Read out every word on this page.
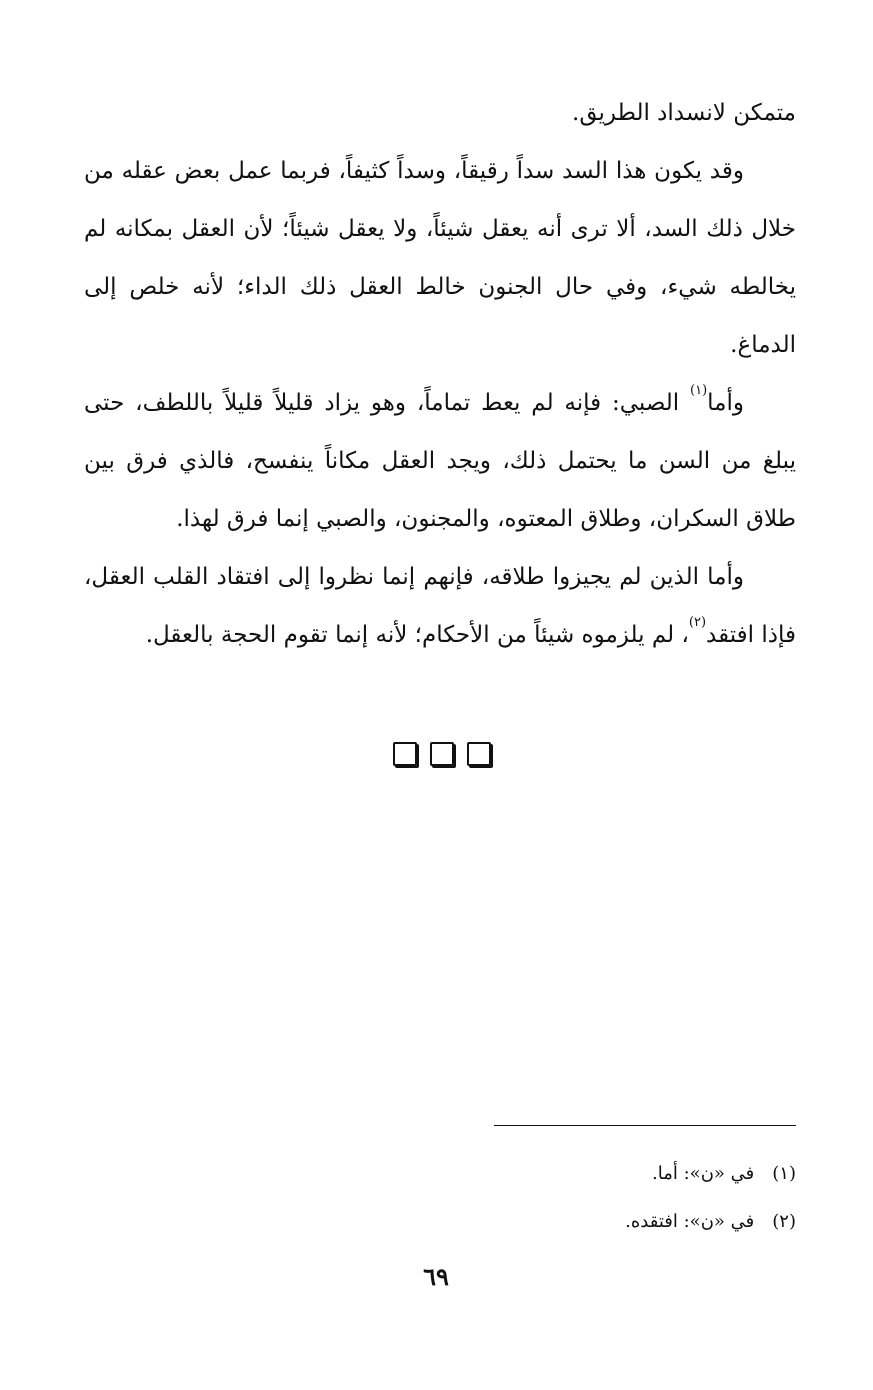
متمكن لانسداد الطريق.

وقد يكون هذا السد سداً رقيقاً، وسداً كثيفاً، فربما عمل بعض عقله من خلال ذلك السد، ألا ترى أنه يعقل شيئاً، ولا يعقل شيئاً؛ لأن العقل بمكانه لم يخالطه شيء، وفي حال الجنون خالط العقل ذلك الداء؛ لأنه خلص إلى الدماغ.

وأما$^{(١)}$ الصبي: فإنه لم يعط تماماً، وهو يزاد قليلاً قليلاً باللطف، حتى يبلغ من السن ما يحتمل ذلك، ويجد العقل مكاناً ينفسح، فالذي فرق بين طلاق السكران، وطلاق المعتوه، والمجنون، والصبي إنما فرق لهذا.

وأما الذين لم يجيزوا طلاقه، فإنهم إنما نظروا إلى افتقاد القلب العقل، فإذا افتقد$^{(٢)}$، لم يلزموه شيئاً من الأحكام؛ لأنه إنما تقوم الحجة بالعقل.

(١)في «ن»: أما.

(٢)في «ن»: افتقده.

٦٩
